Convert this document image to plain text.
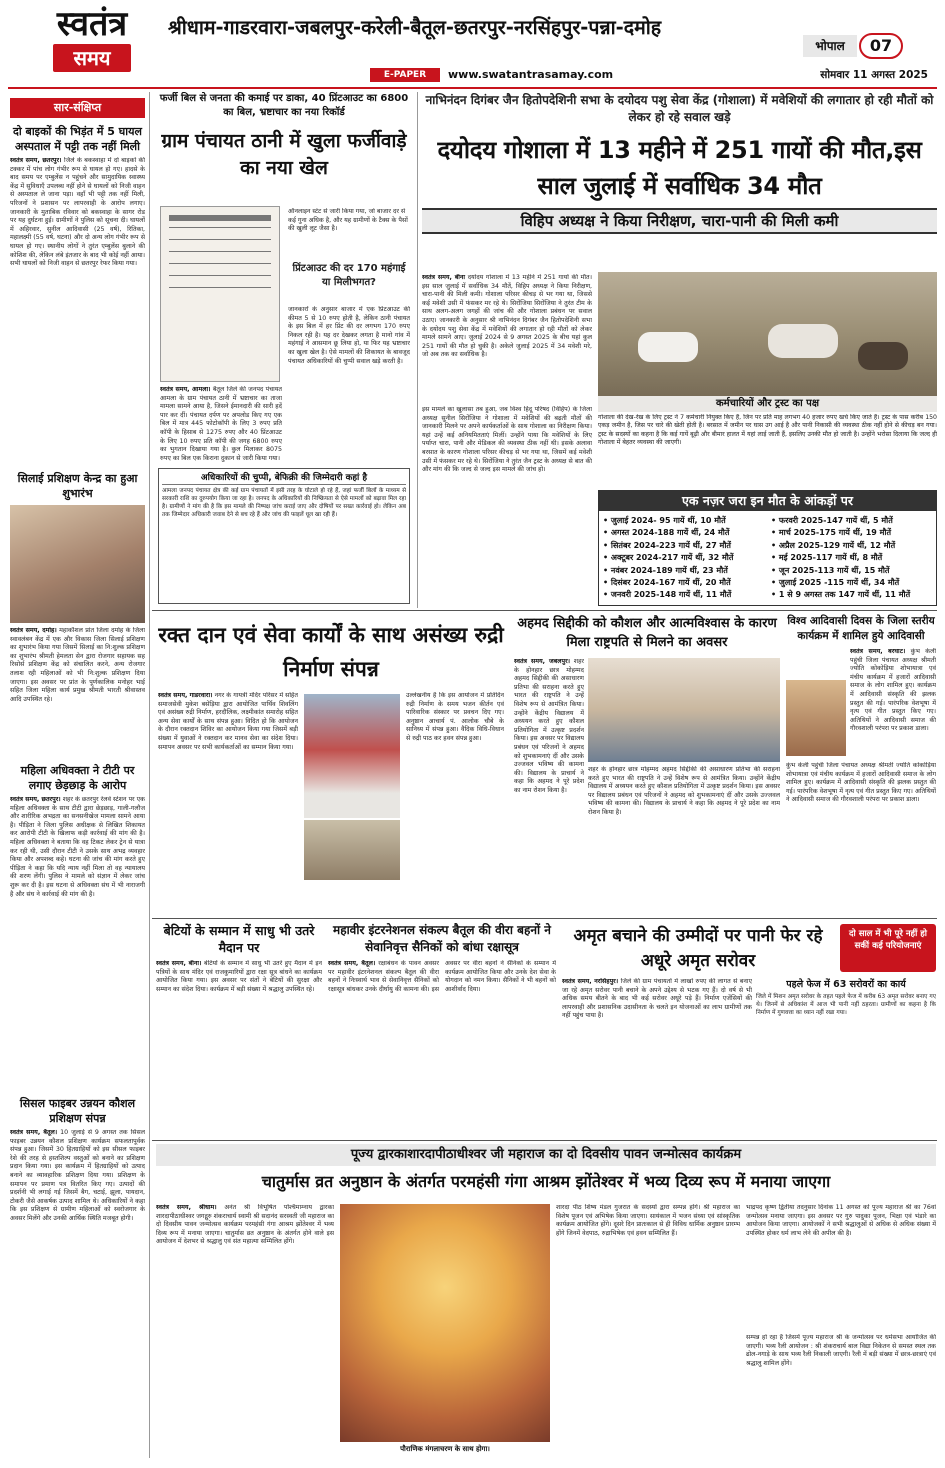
स्वतंत्र
समय
श्रीधाम-गाडरवारा-जबलपुर-करेली-बैतूल-छतरपुर-नरसिंहपुर-पन्ना-दमोह
भोपाल	07
E-PAPER	www.swatantrasamay.com	सोमवार 11 अगस्त 2025
सार-संक्षिप्त
दो बाइकों की भिड़ंत में 5 घायल अस्पताल में पट्टी तक नहीं मिली
स्वतंत्र समय, छतरपुर। जिले के बकस्वाहा में दो बाइकों की टक्कर में पांच लोग गंभीर रूप से घायल हो गए। हादसे के बाद समय पर एम्बुलेंस न पहुंचने और सामुदायिक स्वास्थ्य केंद्र में सुविधाएँ उपलब्ध नहीं होने से घायलों को निजी वाहन से अस्पताल ले जाना पड़ा। वहाँ भी पट्टी तक नहीं मिली, परिजनों ने प्रशासन पर लापरवाही के आरोप लगाए। जानकारी के मुताबिक रविवार को बकस्वाहा के सागर रोड पर यह दुर्घटना हुई। ग्रामीणों ने पुलिस को सूचना दी। घायलों में अहिरवार, सुनील आदिवासी (25 वर्ष), रितिका, महालक्ष्मी (55 वर्ष, घटना) और दो अन्य लोग गंभीर रूप से घायल हो गए। स्थानीय लोगों ने तुरंत एम्बुलेंस बुलाने की कोशिश की, लेकिन लंबे इंतजार के बाद भी कोई नहीं आया। सभी घायलों को निजी वाहन से छतरपुर रेफर किया गया।
सिलाई प्रशिक्षण केन्द्र का हुआ शुभारंभ
स्वतंत्र समय, दमोह। महाकौशल प्रांत जिला दमोह के जिला स्वावलंबन केंद्र में एक और विकास जिला सिलाई प्रशिक्षण का शुभारंभ किया गया जिसमें सिलाई का नि:शुल्क प्रशिक्षण का शुभारंभ श्रीमती हेमलता सेन द्वारा रोजगार सहायक सह रिसोर्स प्रशिक्षण केंद्र को संचालित करने, अन्य रोजगार तलाश रही महिलाओं को भी नि:शुल्क प्रशिक्षण दिया जाएगा। इस अवसर पर प्रांत के पूर्णकालिक मनोहर भाई सहित जिला महिला कार्य प्रमुख श्रीमती भारती श्रीवास्तव आदि उपस्थित रहे।
महिला अधिवक्ता ने टीटी पर लगाए छेड़छाड़ के आरोप
स्वतंत्र समय, छतरपुर। शहर के छतरपुर रेलवे स्टेशन पर एक महिला अधिवक्ता के साथ टीटी द्वारा छेड़छाड़, गाली-गलौज और शारीरिक अभद्रता का सनसनीखेज मामला सामने आया है। पीड़िता ने जिला पुलिस अधीक्षक से लिखित शिकायत कर आरोपी टीटी के खिलाफ कड़ी कार्रवाई की मांग की है। महिला अधिवक्ता ने बताया कि वह टिकट लेकर ट्रेन से यात्रा कर रही थी, उसी दौरान टीटी ने उसके साथ अभद्र व्यवहार किया और अपशब्द कहे। घटना की जांच की मांग करते हुए पीड़िता ने कहा कि यदि न्याय नहीं मिला तो वह न्यायालय की शरण लेंगी। पुलिस ने मामले को संज्ञान में लेकर जांच शुरू कर दी है। इस घटना से अधिवक्ता संघ में भी नाराजगी है और संघ ने कार्रवाई की मांग की है।
सिसल फाइबर उन्नयन कौशल प्रशिक्षण संपन्न
स्वतंत्र समय, बैतूल। 10 जुलाई से 9 अगस्त तक सिसल फाइबर उन्नयन कौशल प्रशिक्षण कार्यक्रम सफलतापूर्वक संपन्न हुआ। जिसमें 30 हितग्राहियों को इस सीसल फाइबर रेशे की तरह से हस्तशिल्प वस्तुओं को बनाने का प्रशिक्षण प्रदान किया गया। इस कार्यक्रम में हितग्राहियों को उत्पाद बनाने का व्यावहारिक प्रशिक्षण दिया गया। प्रशिक्षण के समापन पर प्रमाण पत्र वितरित किए गए। उत्पादों की प्रदर्शनी भी लगाई गई जिसमें बैग, चटाई, झूला, पायदान, टोकरी जैसे आकर्षक उत्पाद शामिल थे। अधिकारियों ने कहा कि इस प्रशिक्षण से ग्रामीण महिलाओं को स्वरोजगार के अवसर मिलेंगे और उनकी आर्थिक स्थिति मजबूत होगी।
फर्जी बिल से जनता की कमाई पर डाका, 40 प्रिंटआउट का 6800 का बिल, भ्रष्टाचार का नया रिकॉर्ड
ग्राम पंचायत ठानी में खुला फर्जीवाड़े का नया खेल
ऑनलाइन स्टेट से जारी किया गया, जो बाजार दर से कई गुना अधिक है, और यह ग्रामीणों के टैक्स के पैसों की खुली लूट जैसा है।
प्रिंटआउट की दर 170 महंगाई या मिलीभगत?
जानकारों के अनुसार बाजार में एक प्रिंटआउट की कीमत 5 से 10 रुपए होती है, लेकिन ठानी पंचायत के इस बिल में हर प्रिंट की दर लगभग 170 रुपए निकल रही है। यह दर देखकर लगता है मानो गांव में महंगाई ने आसमान छू लिया हो, या फिर यह भ्रष्टाचार का खुला खेल है। ऐसे मामलों की शिकायत के बावजूद पंचायत अधिकारियों की चुप्पी सवाल खड़े करती है।
स्वतंत्र समय, आमला। बैतूल जिले की जनपद पंचायत आमला के ग्राम पंचायत ठानी में भ्रष्टाचार का ताजा मामला सामने आया है, जिसने ईमानदारी की सारी हदें पार कर दीं। पंचायत दर्पण पर अपलोड किए गए एक बिल में मात्र 445 फोटोकॉपी के लिए 3 रुपए प्रति कॉपी के हिसाब से 1275 रुपए और 40 प्रिंटआउट के लिए 10 रुपए प्रति कॉपी की जगह 6800 रुपए का भुगतान दिखाया गया है। कुल मिलाकर 8075 रुपए का बिल एक किराना दुकान से जारी किया गया।
अधिकारियों की चुप्पी, बेफिक्री की जिम्मेदारी कहां है
आमला जनपद पंचायत क्षेत्र की कई ग्राम पंचायतों में इसी तरह के घोटाले हो रहे हैं, जहां फर्जी बिलों के माध्यम से सरकारी राशि का दुरुपयोग किया जा रहा है। जनपद के अधिकारियों की निष्क्रियता से ऐसे मामलों को बढ़ावा मिल रहा है। ग्रामीणों ने मांग की है कि इस मामले की निष्पक्ष जांच कराई जाए और दोषियों पर सख्त कार्रवाई हो। लेकिन अब तक जिम्मेदार अधिकारी जवाब देने से बच रहे हैं और जांच की फाइलें धूल खा रही हैं।
नाभिनंदन दिगंबर जैन हितोपदेशिनी सभा के दयोदय पशु सेवा केंद्र (गोशाला) में मवेशियों की लगातार हो रही मौतों को लेकर हो रहे सवाल खड़े
दयोदय गोशाला में 13 महीने में 251 गायों की मौत,इस साल जुलाई में सर्वाधिक 34 मौत
विहिप अध्यक्ष ने किया निरीक्षण, चारा-पानी की मिली कमी
स्वतंत्र समय, बीना दयोदय गोशाला में 13 महीने में 251 गायों की मौत। इस साल जुलाई में सर्वाधिक 34 मौतें, विहिप अध्यक्ष ने किया निरीक्षण, चारा-पानी की मिली कमी। गोशाला परिसर कीचड़ से भर गया था, जिससे कई मवेशी उसी में फंसकर मर रहे थे। सिरोंजिया सिरोंजिया ने तुरंत टीम के साथ अलग-अलग जगहों की जांच की और गोशाला प्रबंधन पर सवाल उठाए। जानकारी के अनुसार श्री नाभिनंदन दिगंबर जैन हितोपदेशिनी सभा के दयोदय पशु सेवा केंद्र में मवेशियों की लगातार हो रही मौतों को लेकर मामले सामने आए। जुलाई 2024 से 9 अगस्त 2025 के बीच यहां कुल 251 गायों की मौत हो चुकी है। अकेले जुलाई 2025 में 34 मवेशी मरे, जो अब तक का सर्वाधिक है।
इस मामले का खुलासा तब हुआ, जब विश्व हिंदू परिषद (विहिप) के जिला अध्यक्ष सुनील सिरोंजिया ने गोशाला में मवेशियों की बढ़ती मौतों की जानकारी मिलने पर अपने कार्यकर्ताओं के साथ गोशाला का निरीक्षण किया। यहां उन्हें कई अनियमितताएं मिलीं। उन्होंने पाया कि मवेशियों के लिए पर्याप्त चारा, पानी और मेडिकल की व्यवस्था ठीक नहीं थी। इसके अलावा बरसात के कारण गोशाला परिसर कीचड़ से भर गया था, जिसमें कई मवेशी उसी में फंसकर मर रहे थे। सिरोंजिया ने तुरंत जैन ट्रस्ट के अध्यक्ष से बात की और मांग की कि जल्द से जल्द इस मामले की जांच हो।
कर्मचारियों और ट्रस्ट का पक्ष
गोशाला की देख-रेख के लिए ट्रस्ट ने 7 कर्मचारी नियुक्त किए हैं, जिन पर प्रति माह लगभग 40 हजार रुपए खर्च किए जाते हैं। ट्रस्ट के पास करीब 150 एकड़ जमीन है, जिस पर चारे की खेती होती है। बरसात में जमीन पर घास उग आई है और पानी निकासी की व्यवस्था ठीक नहीं होने से कीचड़ बन गया। ट्रस्ट के सदस्यों का कहना है कि कई गायें बूढ़ी और बीमार हालत में यहां लाई जाती हैं, इसलिए उनकी मौत हो जाती है। उन्होंने भरोसा दिलाया कि जल्द ही गोशाला में बेहतर व्यवस्था की जाएगी।
एक नज़र जरा इन मौत के आंकड़ों पर
• जुलाई 2024- 95 गायें थीं, 10 मौतें
• अगस्त 2024-188 गायें थीं, 24 मौतें
• सितंबर 2024-223 गायें थीं, 27 मौतें
• अक्टूबर 2024-217 गायें थीं, 32 मौतें
• नवंबर 2024-189 गायें थीं, 23 मौतें
• दिसंबर 2024-167 गायें थीं, 20 मौतें
• जनवरी 2025-148 गायें थीं, 11 मौतें
• फरवरी 2025-147 गायें थीं, 5 मौतें
• मार्च 2025-175 गायें थीं, 19 मौतें
• अप्रैल 2025-129 गायें थीं, 12 मौतें
• मई 2025-117 गायें थीं, 8 मौतें
• जून 2025-113 गायें थीं, 15 मौतें
• जुलाई 2025 -115 गायें थीं, 34 मौतें
• 1 से 9 अगस्त तक 147 गायें थीं, 11 मौतें
रक्त दान एवं सेवा कार्यों के साथ असंख्य रुद्री निर्माण संपन्न
स्वतंत्र समय, गाडरवारा। नगर के गायत्री मंदिर परिसर में सहित समाजसेवी मुकेश बसेड़िया द्वारा आयोजित पार्थिव शिवलिंग एवं असंख्य रुद्री निर्माण, हरदौलिक, लक्ष्मीकांत समारोह सहित अन्य सेवा कार्यों के साथ संपन्न हुआ। विदित हो कि आयोजन के दौरान रक्तदान शिविर का आयोजन किया गया जिसमें बड़ी संख्या में युवाओं ने रक्तदान कर मानव सेवा का संदेश दिया। समापन अवसर पर सभी कार्यकर्ताओं का सम्मान किया गया।
उल्लेखनीय है कि इस आयोजन में प्रतिदिन रुद्री निर्माण के समय भजन कीर्तन एवं पारिवारिक संस्कार पर प्रवचन दिए गए। अनुष्ठान आचार्य पं. आलोक चौबे के सानिध्य में संपन्न हुआ। वैदिक विधि-विधान से रुद्री पाठ कर हवन संपन्न हुआ।
अहमद सिद्दीकी को कौशल और आत्मविश्वास के कारण मिला राष्ट्रपति से मिलने का अवसर
स्वतंत्र समय, जबलपुर। शहर के होनहार छात्र मोहम्मद अहमद सिद्दीकी की असाधारण प्रतिभा की सराहना करते हुए भारत की राष्ट्रपति ने उन्हें विशेष रूप से आमंत्रित किया। उन्होंने केंद्रीय विद्यालय में अध्ययन करते हुए कौशल प्रतियोगिता में उत्कृष्ट प्रदर्शन किया। इस अवसर पर विद्यालय प्रबंधन एवं परिजनों ने अहमद को शुभकामनाएं दीं और उसके उज्जवल भविष्य की कामना की। विद्यालय के प्राचार्य ने कहा कि अहमद ने पूरे प्रदेश का नाम रोशन किया है।
शहर के होनहार छात्र मोहम्मद अहमद सिद्दीकी की असाधारण प्रतिभा की सराहना करते हुए भारत की राष्ट्रपति ने उन्हें विशेष रूप से आमंत्रित किया। उन्होंने केंद्रीय विद्यालय में अध्ययन करते हुए कौशल प्रतियोगिता में उत्कृष्ट प्रदर्शन किया। इस अवसर पर विद्यालय प्रबंधन एवं परिजनों ने अहमद को शुभकामनाएं दीं और उसके उज्जवल भविष्य की कामना की। विद्यालय के प्राचार्य ने कहा कि अहमद ने पूरे प्रदेश का नाम रोशन किया है।
विश्व आदिवासी दिवस के जिला स्तरीय कार्यक्रम में शामिल हुये आदिवासी
स्वतंत्र समय, बरघाट। कुंभ केली पहुंची जिला पंचायत अध्यक्ष श्रीमती ज्योति कोकोड़िया शोभायात्रा एवं मंचीय कार्यक्रम में हजारों आदिवासी समाज के लोग शामिल हुए। कार्यक्रम में आदिवासी संस्कृति की झलक प्रस्तुत की गई। पारंपरिक वेशभूषा में नृत्य एवं गीत प्रस्तुत किए गए। अतिथियों ने आदिवासी समाज की गौरवशाली परंपरा पर प्रकाश डाला।
कुंभ केली पहुंची जिला पंचायत अध्यक्ष श्रीमती ज्योति कोकोड़िया शोभायात्रा एवं मंचीय कार्यक्रम में हजारों आदिवासी समाज के लोग शामिल हुए। कार्यक्रम में आदिवासी संस्कृति की झलक प्रस्तुत की गई। पारंपरिक वेशभूषा में नृत्य एवं गीत प्रस्तुत किए गए। अतिथियों ने आदिवासी समाज की गौरवशाली परंपरा पर प्रकाश डाला।
बेटियों के सम्मान में साधु भी उतरे मैदान पर
स्वतंत्र समय, बीना। बेटियों के सम्मान में साधु भी उतरे हुए मैदान में इन पत्रियों के साथ मंदिर एवं राजकुमारियों द्वारा रक्षा सूत्र बांधने का कार्यक्रम आयोजित किया गया। इस अवसर पर संतों ने बेटियों की सुरक्षा और सम्मान का संदेश दिया। कार्यक्रम में बड़ी संख्या में श्रद्धालु उपस्थित रहे।
महावीर इंटरनेशनल संकल्प बैतूल की वीरा बहनों ने सेवानिवृत्त सैनिकों को बांधा रक्षासूत्र
स्वतंत्र समय, बैतूल। रक्षाबंधन के पावन अवसर पर महावीर इंटरनेशनल संकल्प बैतूल की वीरा बहनों ने निःस्वार्थ भाव से सेवानिवृत्त सैनिकों को रक्षासूत्र बांधकर उनके दीर्घायु की कामना की। इस अवसर पर वीरा बहनों ने सैनिकों के सम्मान में कार्यक्रम आयोजित किया और उनके देश सेवा के योगदान को नमन किया। सैनिकों ने भी बहनों को आशीर्वाद दिया।
अमृत बचाने की उम्मीदों पर पानी फेर रहे अधूरे अमृत सरोवर
दो साल में भी पूरे नहीं हो सकीं कई परियोजनाएं
स्वतंत्र समय, नरसिंहपुर। जिले की ग्राम पंचायतों में लाखों रुपए की लागत से बनाए जा रहे अमृत सरोवर पानी बचाने के अपने उद्देश्य से भटक गए हैं। दो वर्ष से भी अधिक समय बीतने के बाद भी कई सरोवर अधूरे पड़े हैं। निर्माण एजेंसियों की लापरवाही और प्रशासनिक उदासीनता के चलते इन योजनाओं का लाभ ग्रामीणों तक नहीं पहुंच पाया है।
पहले फेज में 63 सरोवरों का कार्य
जिले में मिशन अमृत सरोवर के तहत पहले फेज में करीब 63 अमृत सरोवर बनाए गए थे। जिनमें से अधिकांश में आज भी पानी नहीं ठहरता। ग्रामीणों का कहना है कि निर्माण में गुणवत्ता का ध्यान नहीं रखा गया।
पूज्य द्वारकाशारदापीठाधीश्वर जी महाराज का दो दिवसीय पावन जन्मोत्सव कार्यक्रम
चातुर्मास व्रत अनुष्ठान के अंतर्गत परमहंसी गंगा आश्रम झोंतेश्वर में भव्य दिव्य रूप में मनाया जाएगा
स्वतंत्र समय, श्रीधाम। अनंत श्री विभूषित पश्चिमाम्नाय द्वारका शारदापीठाधीश्वर जगद्गुरु शंकराचार्य स्वामी श्री सदानंद सरस्वती जी महाराज का दो दिवसीय पावन जन्मोत्सव कार्यक्रम परमहंसी गंगा आश्रम झोंतेश्वर में भव्य दिव्य रूप में मनाया जाएगा। चातुर्मास व्रत अनुष्ठान के अंतर्गत होने वाले इस आयोजन में देशभर से श्रद्धालु एवं संत महात्मा सम्मिलित होंगे।
पौराणिक मंगलाचरण के साथ होगा।
शारदा पीठ शिष्य मंडल गुजरात के सदस्यों द्वारा सम्पन्न होंगे। श्री महाराज का विशेष पूजन एवं अभिषेक किया जाएगा। सायंकाल में भजन संध्या एवं सांस्कृतिक कार्यक्रम आयोजित होंगे। दूसरे दिन प्रातःकाल से ही विविध धार्मिक अनुष्ठान प्रारम्भ होंगे जिनमें वेदपाठ, रुद्राभिषेक एवं हवन सम्मिलित हैं।
भाद्रपद कृष्ण द्वितीया तदनुसार दिनांक 11 अगस्त को पूज्य महाराज श्री का 76वां जन्मोत्सव मनाया जाएगा। इस अवसर पर गुरु पादुका पूजन, भिक्षा एवं भंडारे का आयोजन किया जाएगा। आयोजकों ने सभी श्रद्धालुओं से अधिक से अधिक संख्या में उपस्थित होकर धर्म लाभ लेने की अपील की है।
सम्पन्न हो रहा है जिसमें पूज्य महाराज श्री के जन्मोत्सव पर धर्मसभा आयोजित की जाएगी। भव्य रैली आयोजन : श्री शंकराचार्य बाल विद्या निकेतन से समस्त स्थल तक ढोल-नगाड़े के साथ भव्य रैली निकाली जाएगी। रैली में बड़ी संख्या में छात्र-छात्राएं एवं श्रद्धालु शामिल होंगे।
